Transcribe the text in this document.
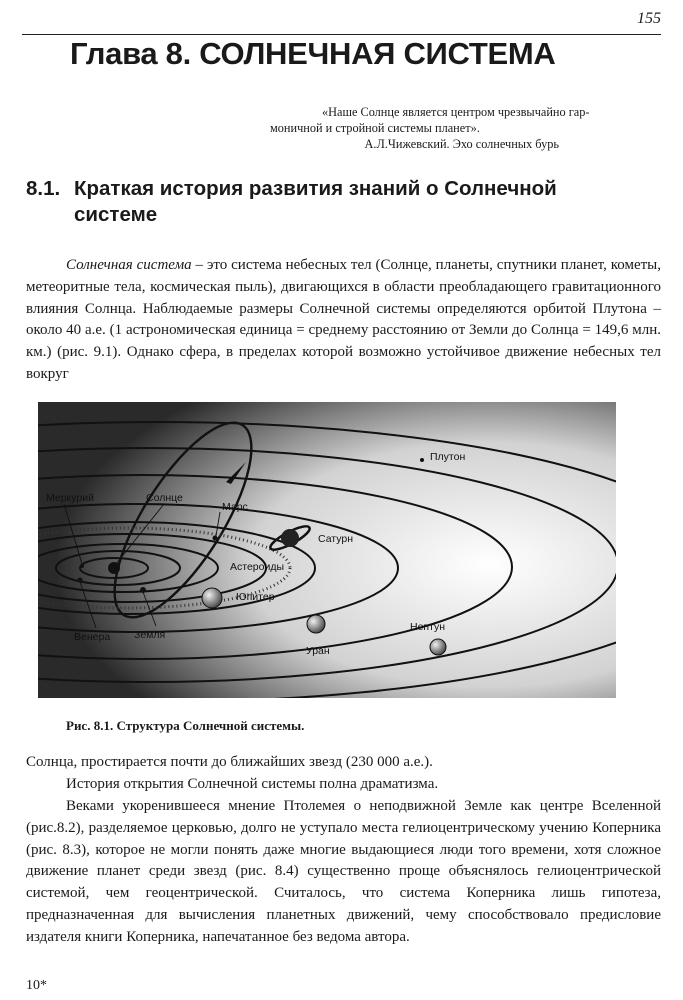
155
Глава 8. СОЛНЕЧНАЯ СИСТЕМА
«Наше Солнце является центром чрезвычайно гар-
моничной и стройной системы планет».
А.Л.Чижевский. Эхо солнечных бурь
8.1. Краткая история развития знаний о Солнечной
системе

Солнечная система – это система небесных тел (Солнце, планеты, спутники планет, кометы, метеоритные тела, космическая пыль), двигающихся в области преобладающего гравитационного влияния Солнца. Наблюдаемые размеры Солнечной системы определяются орбитой Плутона – около 40 а.е. (1 астрономическая единица = среднему расстоянию от Земли до Солнца = 149,6 млн. км.) (рис. 9.1). Однако сфера, в пределах которой возможно устойчивое движение небесных тел вокруг

Плутон
Меркурий	Солнце
Марс
Сатурн
Астероиды
Юпитер
Венера Земля
Нептун
Уран
Рис. 8.1. Структура Солнечной системы.

Солнца, простирается почти до ближайших звезд (230 000 а.е.).

История открытия Солнечной системы полна драматизма.

Веками укоренившееся мнение Птолемея о неподвижной Земле как центре Вселенной (рис.8.2), разделяемое церковью, долго не уступало места гелиоцентрическому учению Коперника (рис. 8.3), которое не могли понять даже многие выдающиеся люди того времени, хотя сложное движение планет среди звезд (рис. 8.4) существенно проще объяснялось гелиоцентрической системой, чем геоцентрической. Считалось, что система Коперника лишь гипотеза, предназначенная для вычисления планетных движений, чему способствовало предисловие издателя книги Коперника, напечатанное без ведома автора.

10*
